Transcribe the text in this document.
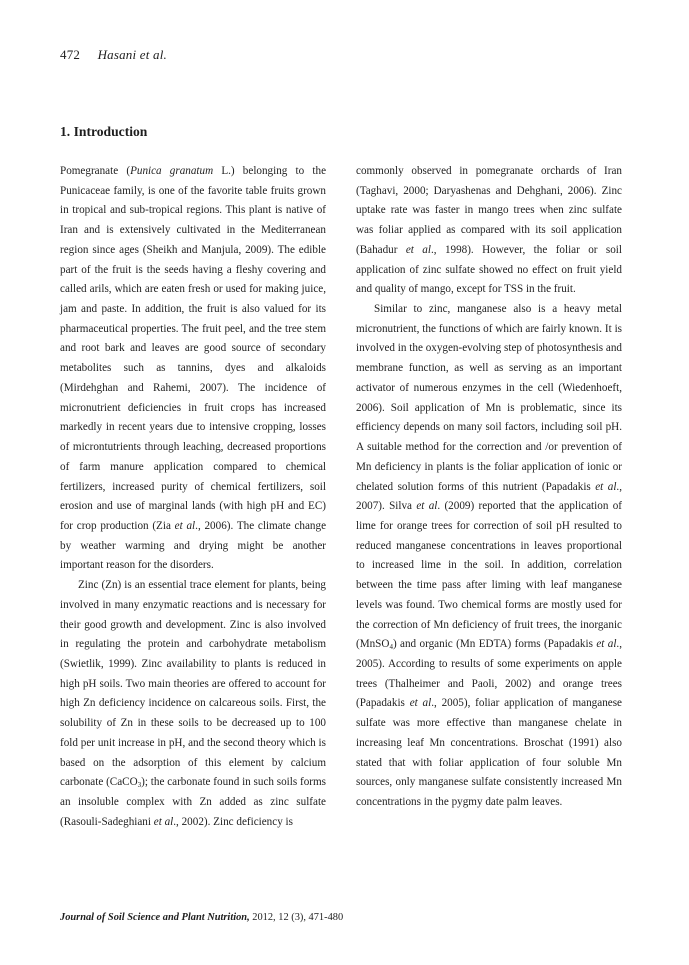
472 Hasani et al.
1. Introduction

Pomegranate (Punica granatum L.) belonging to the Punicaceae family, is one of the favorite table fruits grown in tropical and sub-tropical regions. This plant is native of Iran and is extensively cultivated in the Mediterranean region since ages (Sheikh and Manjula, 2009). The edible part of the fruit is the seeds having a fleshy covering and called arils, which are eaten fresh or used for making juice, jam and paste. In addition, the fruit is also valued for its pharmaceutical properties. The fruit peel, and the tree stem and root bark and leaves are good source of secondary metabolites such as tannins, dyes and alkaloids (Mirdehghan and Rahemi, 2007). The incidence of micronutrient deficiencies in fruit crops has increased markedly in recent years due to intensive cropping, losses of microntutrients through leaching, decreased proportions of farm manure application compared to chemical fertilizers, increased purity of chemical fertilizers, soil erosion and use of marginal lands (with high pH and EC) for crop production (Zia et al., 2006). The climate change by weather warming and drying might be another important reason for the disorders.

Zinc (Zn) is an essential trace element for plants, being involved in many enzymatic reactions and is necessary for their good growth and development. Zinc is also involved in regulating the protein and carbohydrate metabolism (Swietlik, 1999). Zinc availability to plants is reduced in high pH soils. Two main theories are offered to account for high Zn deficiency incidence on calcareous soils. First, the solubility of Zn in these soils to be decreased up to 100 fold per unit increase in pH, and the second theory which is based on the adsorption of this element by calcium carbonate (CaCO$_3$); the carbonate found in such soils forms an insoluble complex with Zn added as zinc sulfate (Rasouli-Sadeghiani et al., 2002). Zinc deficiency is

commonly observed in pomegranate orchards of Iran (Taghavi, 2000; Daryashenas and Dehghani, 2006). Zinc uptake rate was faster in mango trees when zinc sulfate was foliar applied as compared with its soil application (Bahadur et al., 1998). However, the foliar or soil application of zinc sulfate showed no effect on fruit yield and quality of mango, except for TSS in the fruit.

Similar to zinc, manganese also is a heavy metal micronutrient, the functions of which are fairly known. It is involved in the oxygen-evolving step of photosynthesis and membrane function, as well as serving as an important activator of numerous enzymes in the cell (Wiedenhoeft, 2006). Soil application of Mn is problematic, since its efficiency depends on many soil factors, including soil pH. A suitable method for the correction and /or prevention of Mn deficiency in plants is the foliar application of ionic or chelated solution forms of this nutrient (Papadakis et al., 2007). Silva et al. (2009) reported that the application of lime for orange trees for correction of soil pH resulted to reduced manganese concentrations in leaves proportional to increased lime in the soil. In addition, correlation between the time pass after liming with leaf manganese levels was found. Two chemical forms are mostly used for the correction of Mn deficiency of fruit trees, the inorganic (MnSO$_4$) and organic (Mn EDTA) forms (Papadakis et al., 2005). According to results of some experiments on apple trees (Thalheimer and Paoli, 2002) and orange trees (Papadakis et al., 2005), foliar application of manganese sulfate was more effective than manganese chelate in increasing leaf Mn concentrations. Broschat (1991) also stated that with foliar application of four soluble Mn sources, only manganese sulfate consistently increased Mn concentrations in the pygmy date palm leaves.

Journal of Soil Science and Plant Nutrition, 2012, 12 (3), 471-480
